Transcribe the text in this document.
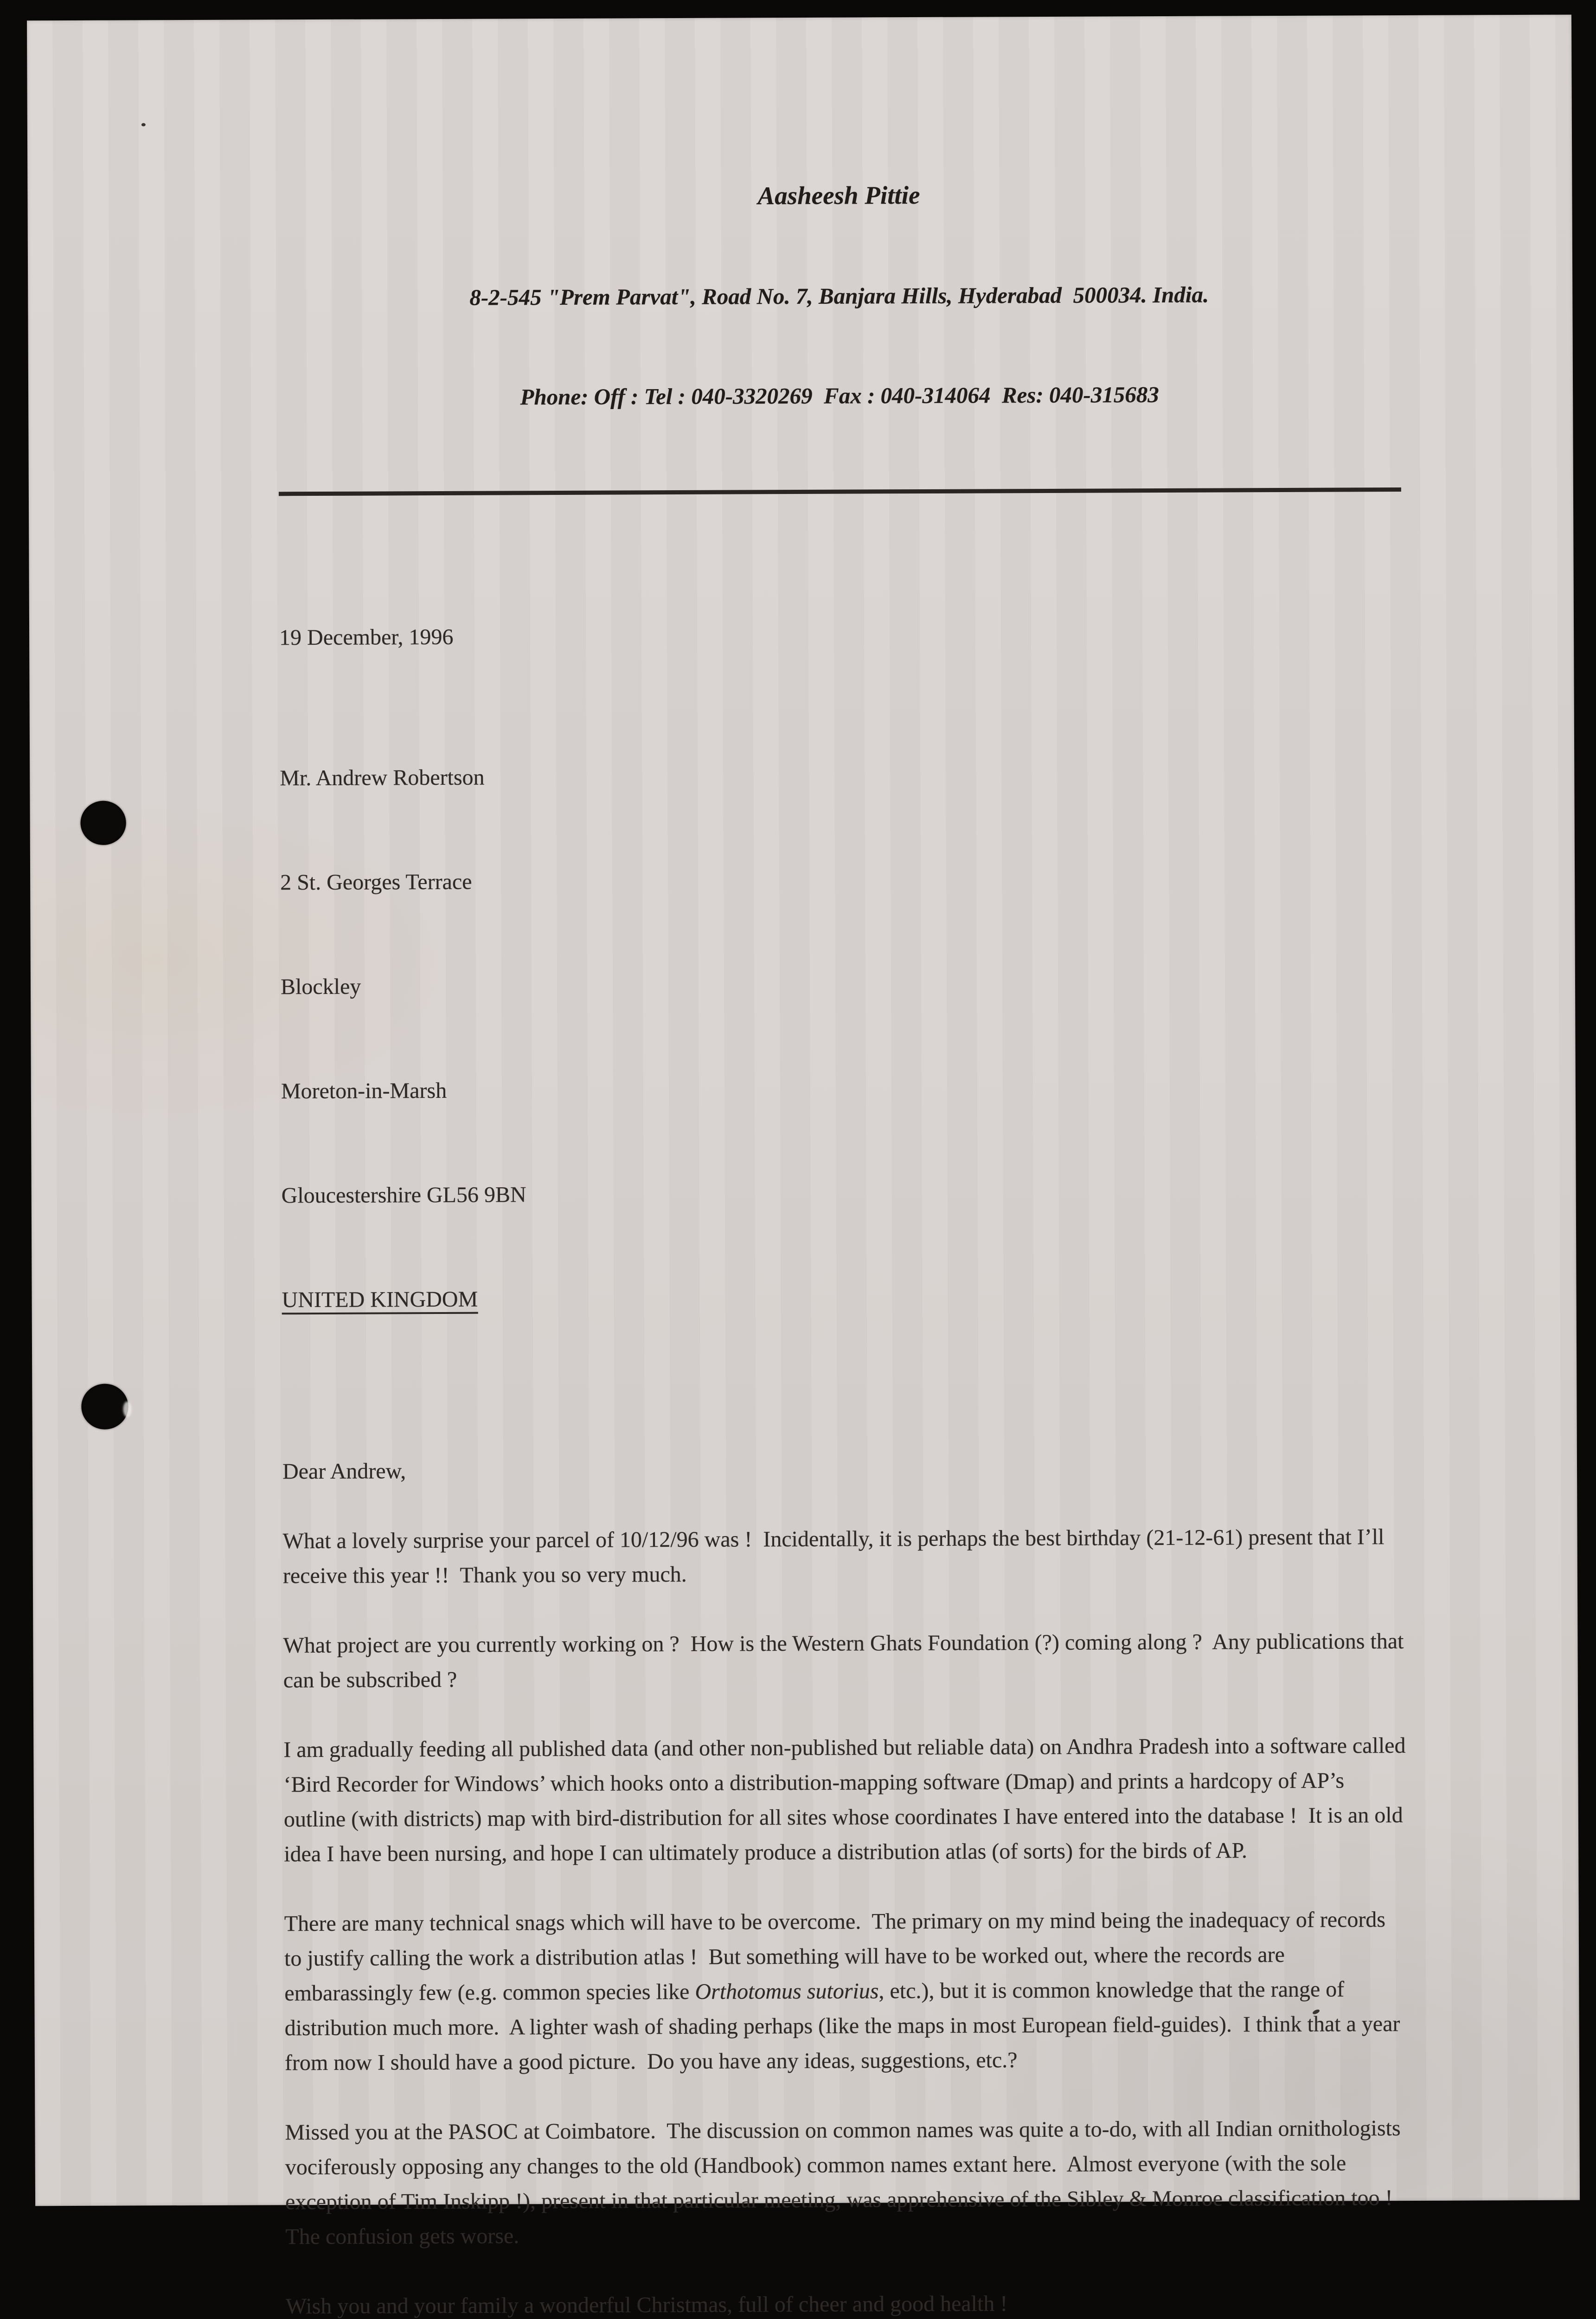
Aasheesh Pittie

8-2-545 "Prem Parvat", Road No. 7, Banjara Hills, Hyderabad  500034. India.

Phone: Off : Tel : 040-3320269  Fax : 040-314064  Res: 040-315683

19 December, 1996

Mr. Andrew Robertson

2 St. Georges Terrace

Blockley

Moreton-in-Marsh

Gloucestershire GL56 9BN

UNITED KINGDOM

Dear Andrew,

What a lovely surprise your parcel of 10/12/96 was !  Incidentally, it is perhaps the best birthday (21-12-61) present that I’ll receive this year !!  Thank you so very much.

What project are you currently working on ?  How is the Western Ghats Foundation (?) coming along ?  Any publications that can be subscribed ?

I am gradually feeding all published data (and other non-published but reliable data) on Andhra Pradesh into a software called ‘Bird Recorder for Windows’ which hooks onto a distribution-mapping software (Dmap) and prints a hardcopy of AP’s outline (with districts) map with bird-distribution for all sites whose coordinates I have entered into the database !  It is an old idea I have been nursing, and hope I can ultimately produce a distribution atlas (of sorts) for the birds of AP.

There are many technical snags which will have to be overcome.  The primary on my mind being the inadequacy of records to justify calling the work a distribution atlas !  But something will have to be worked out, where the records are embarassingly few (e.g. common species like Orthotomus sutorius, etc.), but it is common knowledge that the range of distribution much more.  A lighter wash of shading perhaps (like the maps in most European field-guides).  I think that a year from now I should have a good picture.  Do you have any ideas, suggestions, etc.?

Missed you at the PASOC at Coimbatore.  The discussion on common names was quite a to-do, with all Indian ornithologists vociferously opposing any changes to the old (Handbook) common names extant here.  Almost everyone (with the sole exception of Tim Inskipp !), present in that particular meeting, was apprehensive of the Sibley & Monroe classification too !  The confusion gets worse.

Wish you and your family a wonderful Christmas, full of cheer and good health !
